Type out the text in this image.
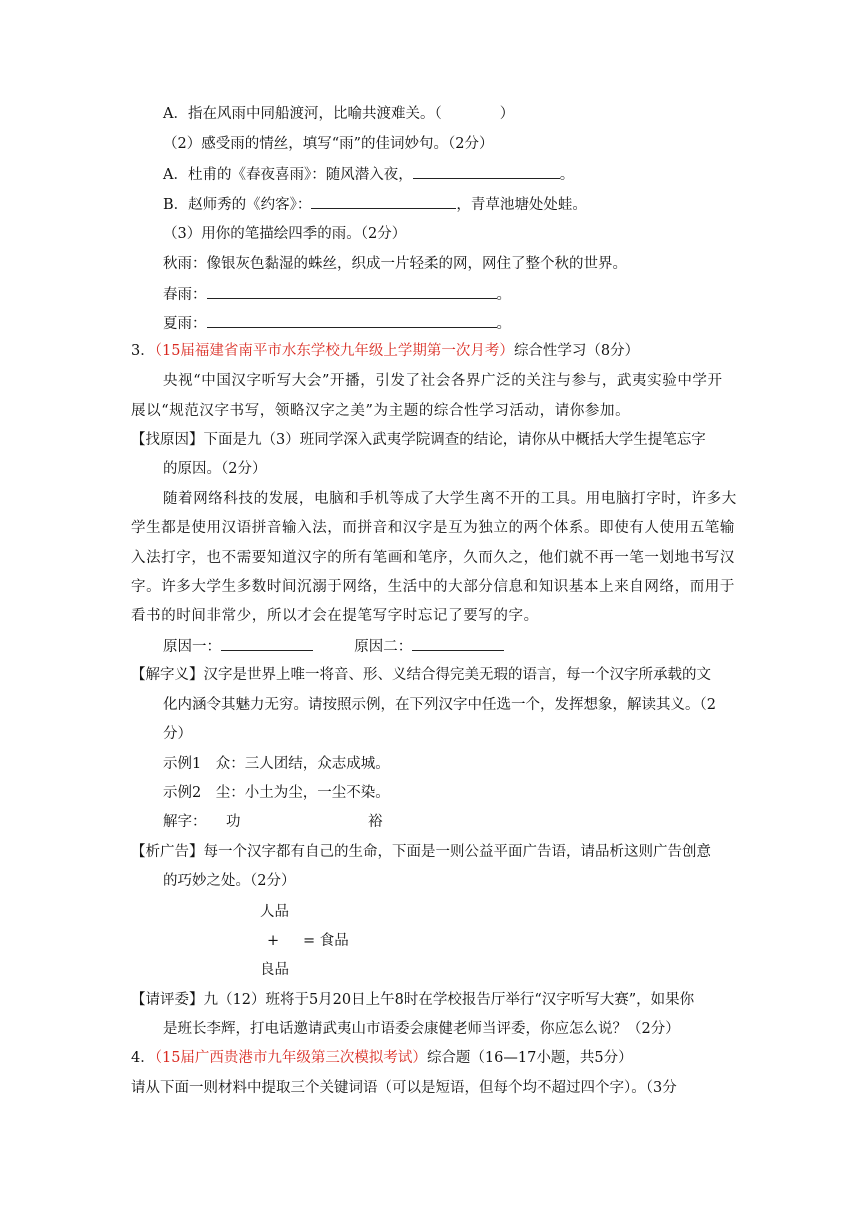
A．指在风雨中同船渡河，比喻共渡难关。（　　　　）
（2）感受雨的情丝，填写“雨”的佳词妙句。（2分）
A．杜甫的《春夜喜雨》：随风潜入夜，	。
B．赵师秀的《约客》：	，青草池塘处处蛙。
（3）用你的笔描绘四季的雨。（2分）
秋雨：像银灰色黏湿的蛛丝，织成一片轻柔的网，网住了整个秋的世界。
春雨：	。
夏雨：	。
3．（15届福建省南平市水东学校九年级上学期第一次月考）综合性学习（8分）
央视“中国汉字听写大会”开播，引发了社会各界广泛的关注与参与，武夷实验中学开
展以“规范汉字书写，领略汉字之美”为主题的综合性学习活动，请你参加。
【找原因】下面是九（3）班同学深入武夷学院调查的结论，请你从中概括大学生提笔忘字
的原因。（2分）
随着网络科技的发展，电脑和手机等成了大学生离不开的工具。用电脑打字时，许多大
学生都是使用汉语拼音输入法，而拼音和汉字是互为独立的两个体系。即使有人使用五笔输
入法打字，也不需要知道汉字的所有笔画和笔序，久而久之，他们就不再一笔一划地书写汉
字。许多大学生多数时间沉溺于网络，生活中的大部分信息和知识基本上来自网络，而用于
看书的时间非常少，所以才会在提笔写字时忘记了要写的字。
原因一：	原因二：
【解字义】汉字是世界上唯一将音、形、义结合得完美无瑕的语言，每一个汉字所承载的文
化内涵令其魅力无穷。请按照示例，在下列汉字中任选一个，发挥想象，解读其义。（2
分）
示例1　众：三人团结，众志成城。
示例2　尘：小土为尘，一尘不染。
解字： 功	裕
【析广告】每一个汉字都有自己的生命，下面是一则公益平面广告语，请品析这则广告创意
的巧妙之处。（2分）
人品
+ = 食品
良品
【请评委】九（12）班将于5月20日上午8时在学校报告厅举行“汉字听写大赛”，如果你
是班长李辉，打电话邀请武夷山市语委会康健老师当评委，你应怎么说？（2分）
4．（15届广西贵港市九年级第三次模拟考试）综合题（16—17小题，共5分）
请从下面一则材料中提取三个关键词语（可以是短语，但每个均不超过四个字）。（3分
